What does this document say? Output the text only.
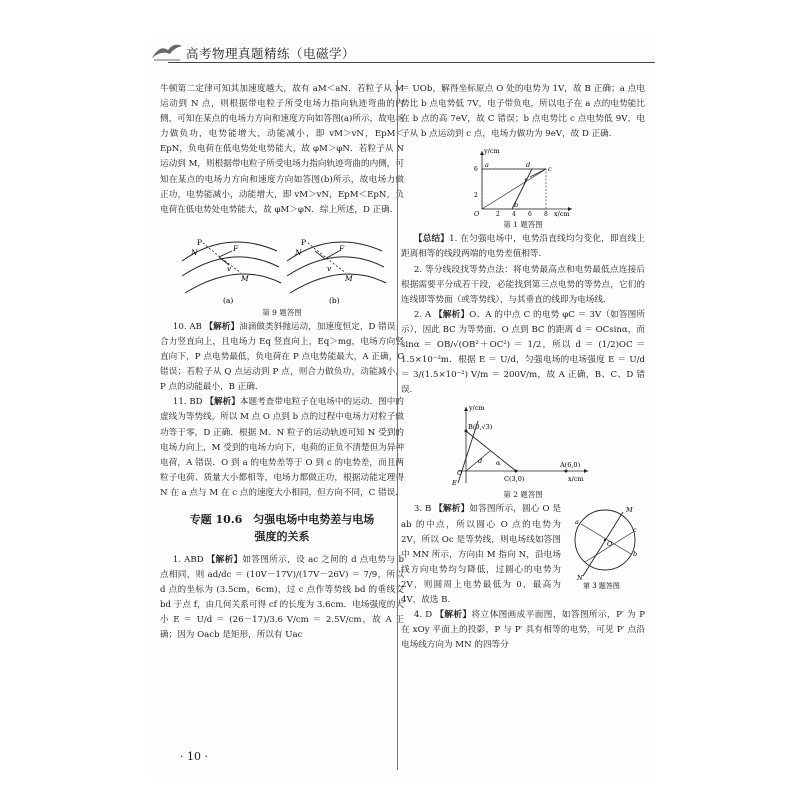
高考物理真题精练（电磁学）

牛顿第二定律可知其加速度越大，故有 aM＜aN．若粒子从 M 运动到 N 点，则根据带电粒子所受电场力指向轨迹弯曲的内侧，可知在某点的电场力方向和速度方向如答图(a)所示，故电场力做负功，电势能增大，动能减小，即 vM＞vN，EpM＜EpN，负电荷在低电势处电势能大，故 φM＞φN．若粒子从 N 运动到 M，则根据带电粒子所受电场力指向轨迹弯曲的内侧，可知在某点的电场力方向和速度方向如答图(b)所示，故电场力做正功，电势能减小，动能增大，即 vM＞vN，EpM＜EpN，负电荷在低电势处电势能大，故 φM＞φN．综上所述，D 正确．

P
N	F
v
M
(a)
P
N	F
v
M
(b)
第 9 题答图

10. AB 【解析】油滴做类斜抛运动，加速度恒定，D 错误；合力竖直向上，且电场力 Eq 竖直向上，Eq＞mg，电场方向竖直向下，P 点电势最低，负电荷在 P 点电势能最大，A 正确，C 错误；若粒子从 Q 点运动到 P 点，则合力做负功，动能减小，P 点的动能最小，B 正确．

11. BD 【解析】本题考查带电粒子在电场中的运动．图中的虚线为等势线，所以 M 点 O 点到 b 点的过程中电场力对粒子做功等于零，D 正确．根据 M、N 粒子的运动轨迹可知 N 受到的电场力向上，M 受到的电场力向下，电荷的正负不清楚但为异种电荷，A 错误．O 到 a 的电势差等于 O 到 c 的电势差，而且两粒子电荷、质量大小都相等，电场力都做正功，根据动能定理得 N 在 a 点与 M 在 c 点的速度大小相同，但方向不同，C 错误．

专题 10.6　匀强电场中电势差与电场
强度的关系

1. ABD 【解析】如答图所示，设 ac 之间的 d 点电势与 b 点相同，则 ad/dc ＝ (10V－17V)/(17V－26V) ＝ 7/9，所以 d 点的坐标为 (3.5cm，6cm)，过 c 点作等势线 bd 的垂线交 bd 于点 f，由几何关系可得 cf 的长度为 3.6cm．电场强度的大小 E ＝ U/d ＝ (26－17)/3.6 V/cm ＝ 2.5V/cm，故 A 正确；因为 Oacb 是矩形，所以有 Uac

＝ UOb，解得坐标原点 O 处的电势为 1V，故 B 正确；a 点电势比 b 点电势低 7V，电子带负电，所以电子在 a 点的电势能比在 b 点的高 7eV，故 C 错误；b 点电势比 c 点电势低 9V，电子从 b 点运动到 c 点，电场力做功为 9eV，故 D 正确．

y/cm
x/cm
O	2 4 6 8
6
2
a
b
c
d
f
第 1 题答图

【总结】1. 在匀强电场中，电势沿直线均匀变化，即直线上距离相等的线段两端的电势差值相等．

2. 等分线段找等势点法：将电势最高点和电势最低点连接后根据需要平分成若干段，必能找到第三点电势的等势点，它们的连线即等势面（或等势线），与其垂直的线即为电场线．

2. A 【解析】O、A 的中点 C 的电势 φC ＝ 3V（如答图所示），因此 BC 为等势面．O 点到 BC 的距离 d ＝ OCsinα，而 sinα ＝ OB/√(OB²＋OC²) ＝ 1/2，所以 d ＝ (1/2)OC ＝ 1.5×10⁻²m．根据 E ＝ U/d，匀强电场的电场强度 E ＝ U/d ＝ 3/(1.5×10⁻²) V/m ＝ 200V/m，故 A 正确，B、C、D 错误．

y/cm
x/cm
B(0,√3)
A(6,0)
C(3,0)
O
d α
E
第 2 题答图
M
N
O
a
b
c
第 3 题答图

3. B 【解析】如答图所示，圆心 O 是 ab 的中点，所以圆心 O 点的电势为 2V，所以 Oc 是等势线，则电场线如答图中 MN 所示，方向由 M 指向 N，沿电场线方向电势均匀降低，过圆心的电势为 2V，则圆周上电势最低为 0，最高为 4V，故选 B．

4. D 【解析】将立体图画成平面图，如答图所示，P′ 为 P 在 xOy 平面上的投影，P 与 P′ 具有相等的电势，可见 P′ 点沿电场线方向为 MN 的四等分

· 10 ·
